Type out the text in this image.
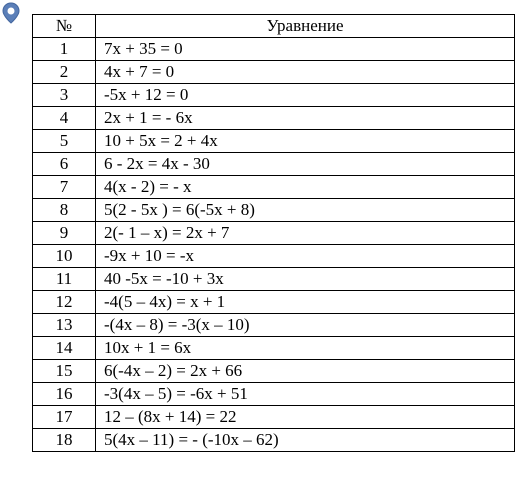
№	Уравнение
1	7x + 35 = 0
2	4x + 7 = 0
3	-5x + 12 = 0
4	2x + 1 = - 6x
5	10 + 5x = 2 + 4x
6	6 - 2x = 4x - 30
7	4(x - 2) = - x
8	5(2 - 5x ) = 6(-5x + 8)
9	2(- 1 – x) = 2x + 7
10	-9x + 10 = -x
11	40 -5x = -10 + 3x
12	-4(5 – 4x) = x + 1
13	-(4x – 8) = -3(x – 10)
14	10x + 1 = 6x
15	6(-4x – 2) = 2x + 66
16	-3(4x – 5) = -6x + 51
17	12 – (8x + 14) = 22
18	5(4x – 11) = - (-10x – 62)
